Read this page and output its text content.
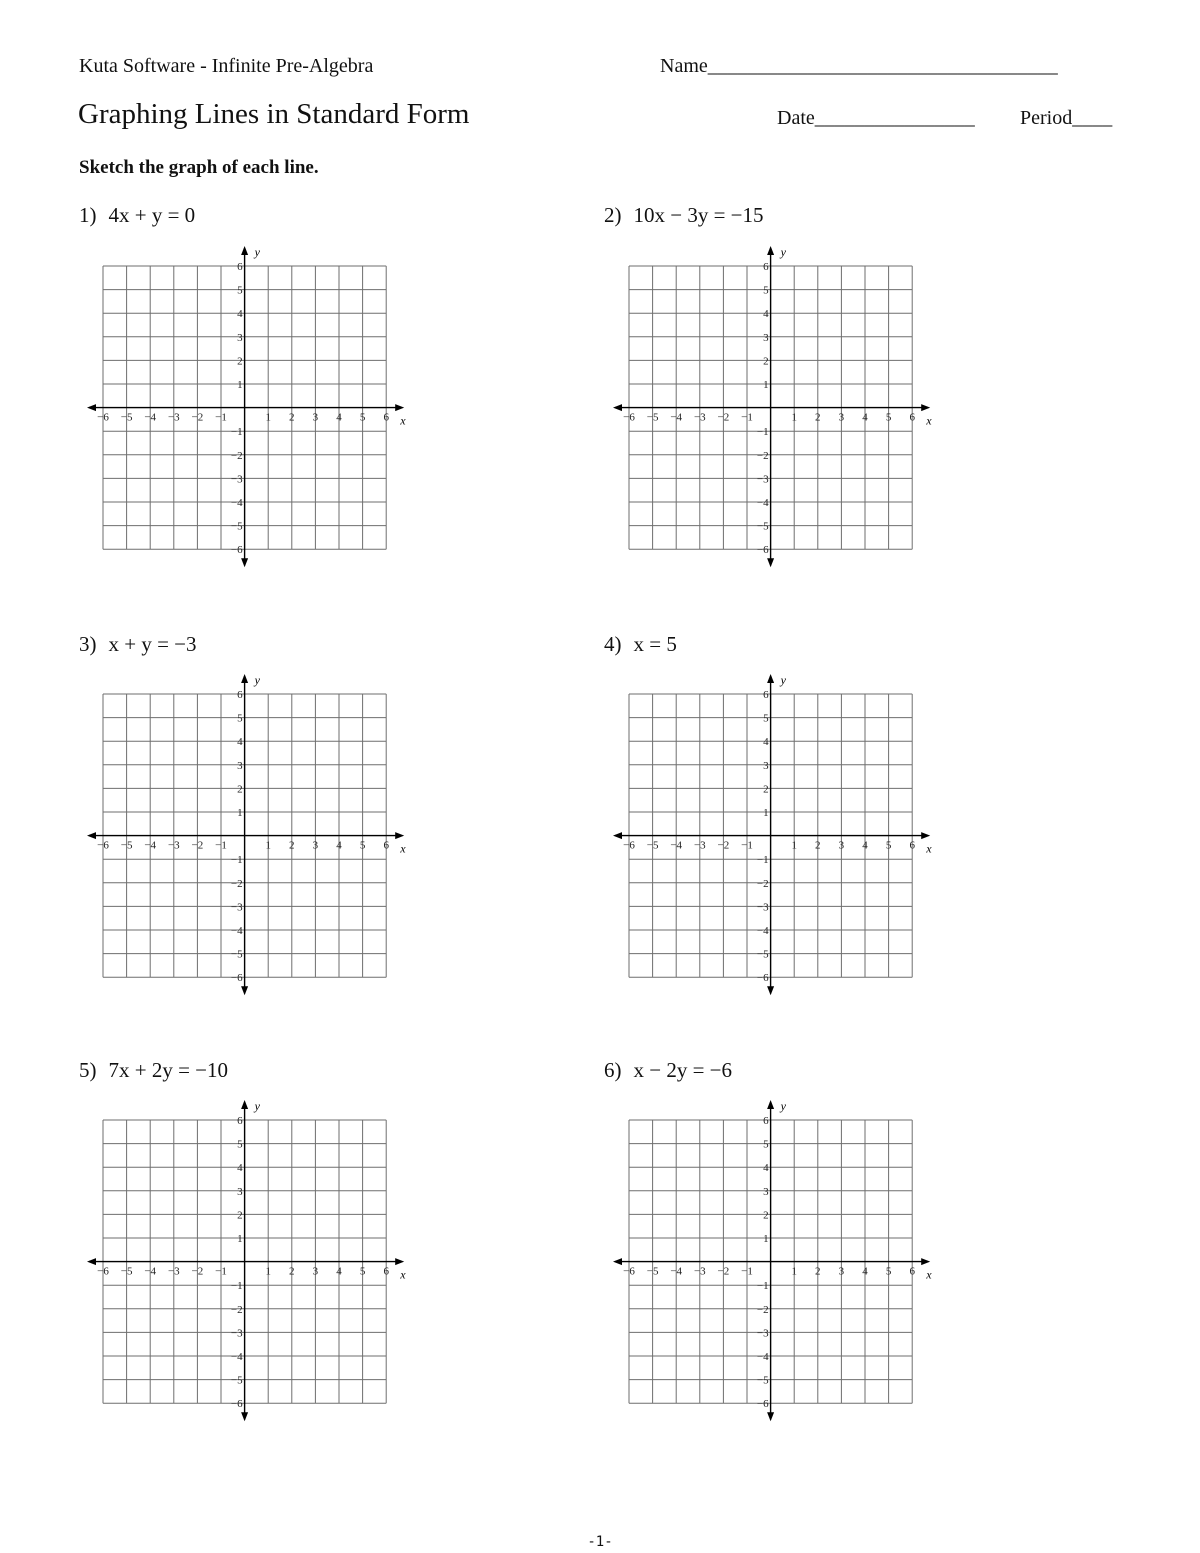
Kuta Software - Infinite Pre-Algebra
Graphing Lines in Standard Form
Name___________________________________
Date________________ Period____
Sketch the graph of each line.
1) 4x + y = 0	2) 10x − 3y = −15
3) x + y = −3	4) x = 5
5) 7x + 2y = −10	6) x − 2y = −6
−6
−6
−5
−5
−4
−4
−3
−3
−2
−2
−1
−1
1
1
2
2
3
3
4
4
5
5
6
6
x
y
−6
−6
−5
−5
−4
−4
−3
−3
−2
−2
−1
−1
1
1
2
2
3
3
4
4
5
5
6
6
x
y
−6
−6
−5
−5
−4
−4
−3
−3
−2
−2
−1
−1
1
1
2
2
3
3
4
4
5
5
6
6
x
y
−6
−6
−5
−5
−4
−4
−3
−3
−2
−2
−1
−1
1
1
2
2
3
3
4
4
5
5
6
6
x
y
−6
−6
−5
−5
−4
−4
−3
−3
−2
−2
−1
−1
1
1
2
2
3
3
4
4
5
5
6
6
x
y
−6
−6
−5
−5
−4
−4
−3
−3
−2
−2
−1
−1
1
1
2
2
3
3
4
4
5
5
6
6
x
y
-1-
